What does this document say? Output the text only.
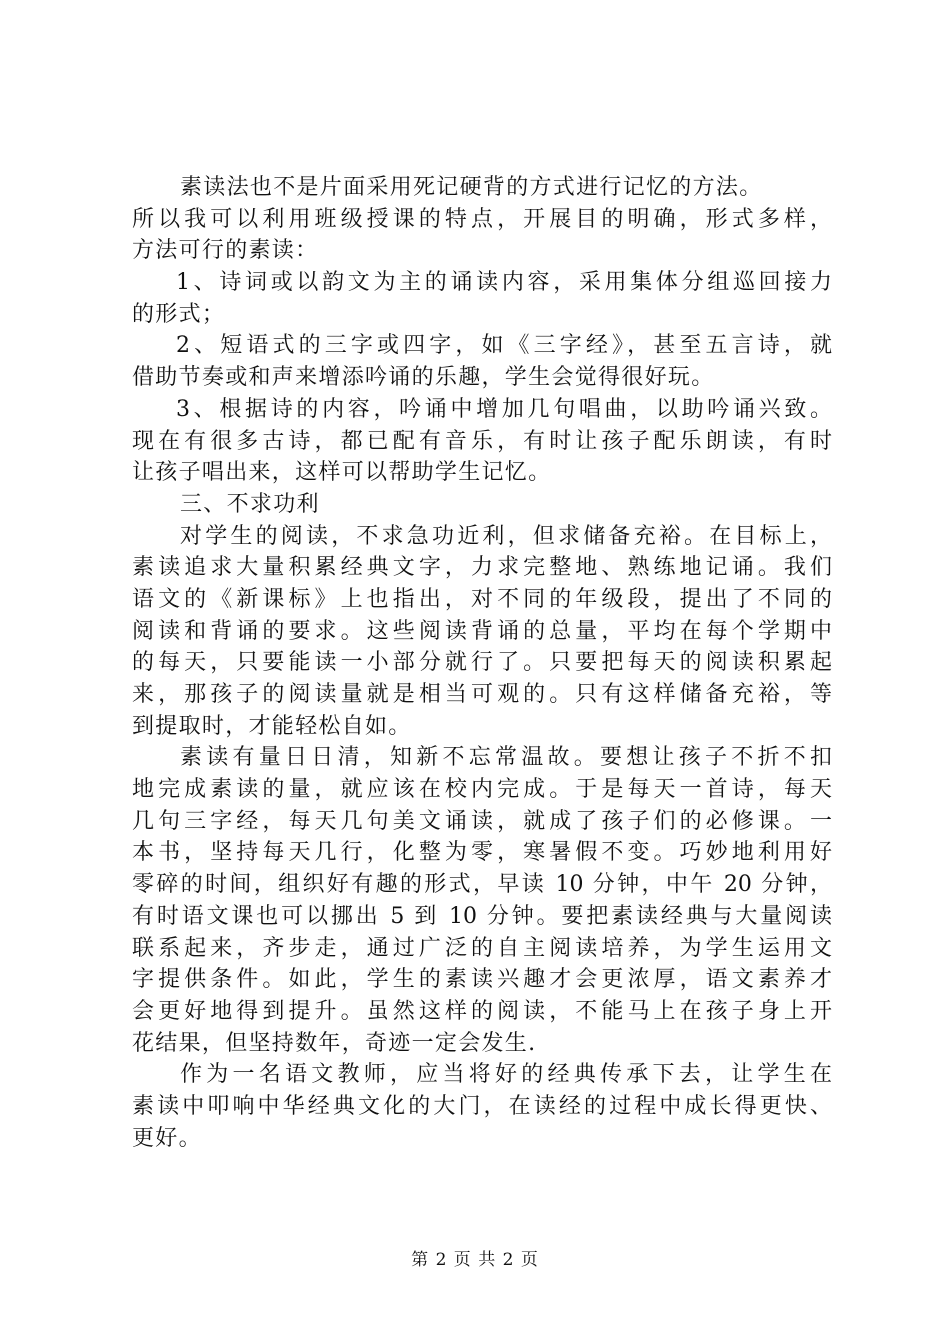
素读法也不是片面采用死记硬背的方式进行记忆的方法。
所以我可以利用班级授课的特点，开展目的明确，形式多样，
方法可行的素读：
1、诗词或以韵文为主的诵读内容，采用集体分组巡回接力
的形式；
2、短语式的三字或四字，如《三字经》，甚至五言诗，就
借助节奏或和声来增添吟诵的乐趣，学生会觉得很好玩。
3、根据诗的内容，吟诵中增加几句唱曲，以助吟诵兴致。
现在有很多古诗，都已配有音乐，有时让孩子配乐朗读，有时
让孩子唱出来，这样可以帮助学生记忆。
三、不求功利
对学生的阅读，不求急功近利，但求储备充裕。在目标上，
素读追求大量积累经典文字，力求完整地、熟练地记诵。我们
语文的《新课标》上也指出，对不同的年级段，提出了不同的
阅读和背诵的要求。这些阅读背诵的总量，平均在每个学期中
的每天，只要能读一小部分就行了。只要把每天的阅读积累起
来，那孩子的阅读量就是相当可观的。只有这样储备充裕，等
到提取时，才能轻松自如。
素读有量日日清，知新不忘常温故。要想让孩子不折不扣
地完成素读的量，就应该在校内完成。于是每天一首诗，每天
几句三字经，每天几句美文诵读，就成了孩子们的必修课。一
本书，坚持每天几行，化整为零，寒暑假不变。巧妙地利用好
零碎的时间，组织好有趣的形式，早读 10 分钟，中午 20 分钟，
有时语文课也可以挪出 5 到 10 分钟。要把素读经典与大量阅读
联系起来，齐步走，通过广泛的自主阅读培养，为学生运用文
字提供条件。如此，学生的素读兴趣才会更浓厚，语文素养才
会更好地得到提升。虽然这样的阅读，不能马上在孩子身上开
花结果，但坚持数年，奇迹一定会发生.
作为一名语文教师，应当将好的经典传承下去，让学生在
素读中叩响中华经典文化的大门，在读经的过程中成长得更快、
更好。
第 2 页 共 2 页
